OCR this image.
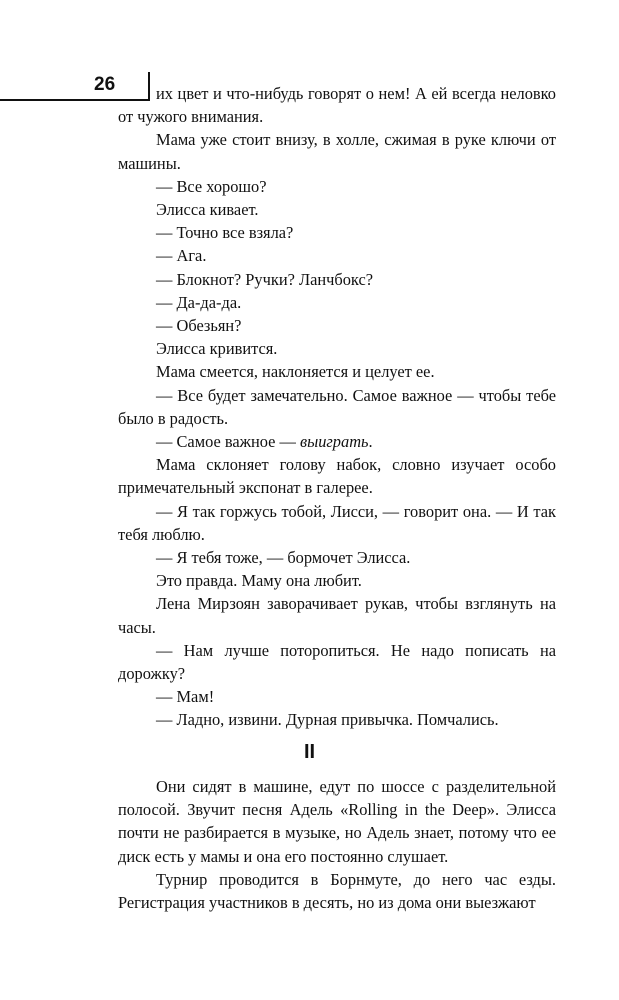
26	их цвет и что-нибудь говорят о нем! А ей всегда неловко от чужого внимания.

Мама уже стоит внизу, в холле, сжимая в руке ключи от машины.

— Все хорошо?

Элисса кивает.

— Точно все взяла?

— Ага.

— Блокнот? Ручки? Ланчбокс?

— Да-да-да.

— Обезьян?

Элисса кривится.

Мама смеется, наклоняется и целует ее.

— Все будет замечательно. Самое важное — чтобы тебе было в радость.

— Самое важное — выиграть.

Мама склоняет голову набок, словно изучает особо примечательный экспонат в галерее.

— Я так горжусь тобой, Лисси, — говорит она. — И так тебя люблю.

— Я тебя тоже, — бормочет Элисса.

Это правда. Маму она любит.

Лена Мирзоян заворачивает рукав, чтобы взглянуть на часы.

— Нам лучше поторопиться. Не надо пописать на дорожку?

— Мам!

— Ладно, извини. Дурная привычка. Помчались.

II

Они сидят в машине, едут по шоссе с разделительной полосой. Звучит песня Адель «Rolling in the Deep». Элисса почти не разбирается в музыке, но Адель знает, потому что ее диск есть у мамы и она его постоянно слушает.

Турнир проводится в Борнмуте, до него час езды. Регистрация участников в десять, но из дома они выезжают
